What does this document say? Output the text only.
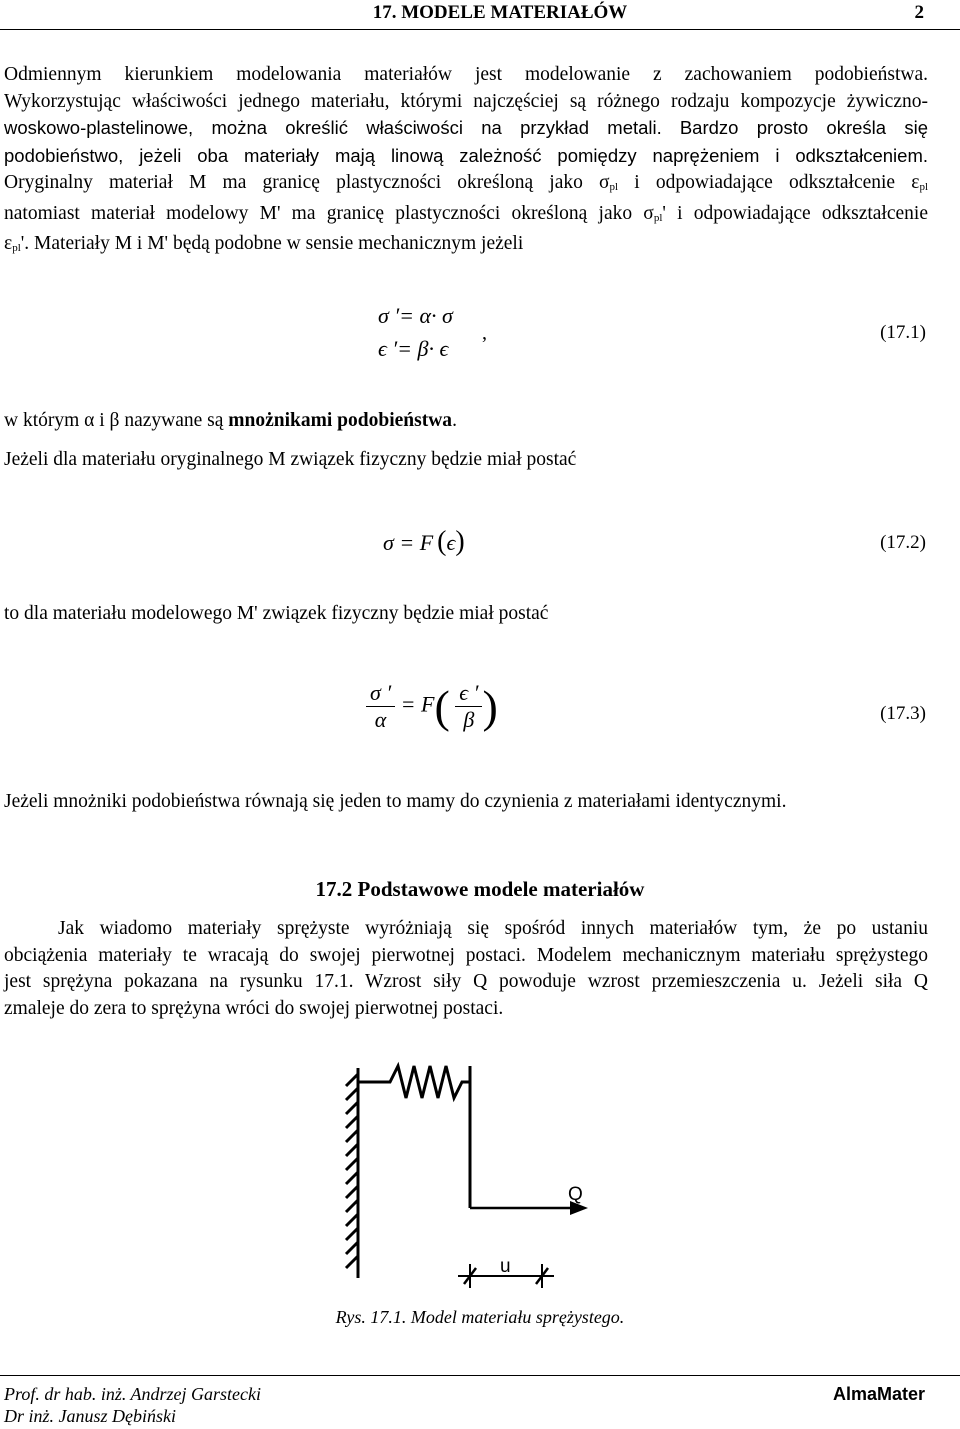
17. MODELE MATERIAŁÓW	2
Odmiennym kierunkiem modelowania materiałów jest modelowanie z zachowaniem podobieństwa.
Wykorzystując właściwości jednego materiału, którymi najczęściej są różnego rodzaju kompozycje żywiczno-
woskowo-plastelinowe, można określić właściwości na przykład metali. Bardzo prosto określa się
podobieństwo, jeżeli oba materiały mają linową zależność pomiędzy naprężeniem i odkształceniem.
Oryginalny materiał M ma granicę plastyczności określoną jako $\sigma_{pl}$ i odpowiadające odkształcenie $\varepsilon_{pl}$
natomiast materiał modelowy M' ma granicę plastyczności określoną jako $\sigma_{pl}'$ i odpowiadające odkształcenie
$\varepsilon_{pl}'$. Materiały M i M' będą podobne w sensie mechanicznym jeżeli
σ ′= α· σ
ϵ ′= β· ϵ
,	(17.1)
w którym α i β nazywane są mnożnikami podobieństwa.
Jeżeli dla materiału oryginalnego M związek fizyczny będzie miał postać
σ = F (ϵ)	(17.2)
to dla materiału modelowego M' związek fizyczny będzie miał postać
$\frac{\sigma '}{\alpha} = F( \frac{\epsilon '}{\beta}$ )	(17.3)
Jeżeli mnożniki podobieństwa równają się jeden to mamy do czynienia z materiałami identycznymi.
17.2 Podstawowe modele materiałów
Jak wiadomo materiały sprężyste wyróżniają się spośród innych materiałów tym, że po ustaniu
obciążenia materiały te wracają do swojej pierwotnej postaci. Modelem mechanicznym materiału sprężystego
jest sprężyna pokazana na rysunku 17.1. Wzrost siły Q powoduje wzrost przemieszczenia u. Jeżeli siła Q
zmaleje do zera to sprężyna wróci do swojej pierwotnej postaci.
Q
u
Rys. 17.1. Model materiału sprężystego.
Prof. dr hab. inż. Andrzej Garstecki
Dr inż. Janusz Dębiński
AlmaMater
